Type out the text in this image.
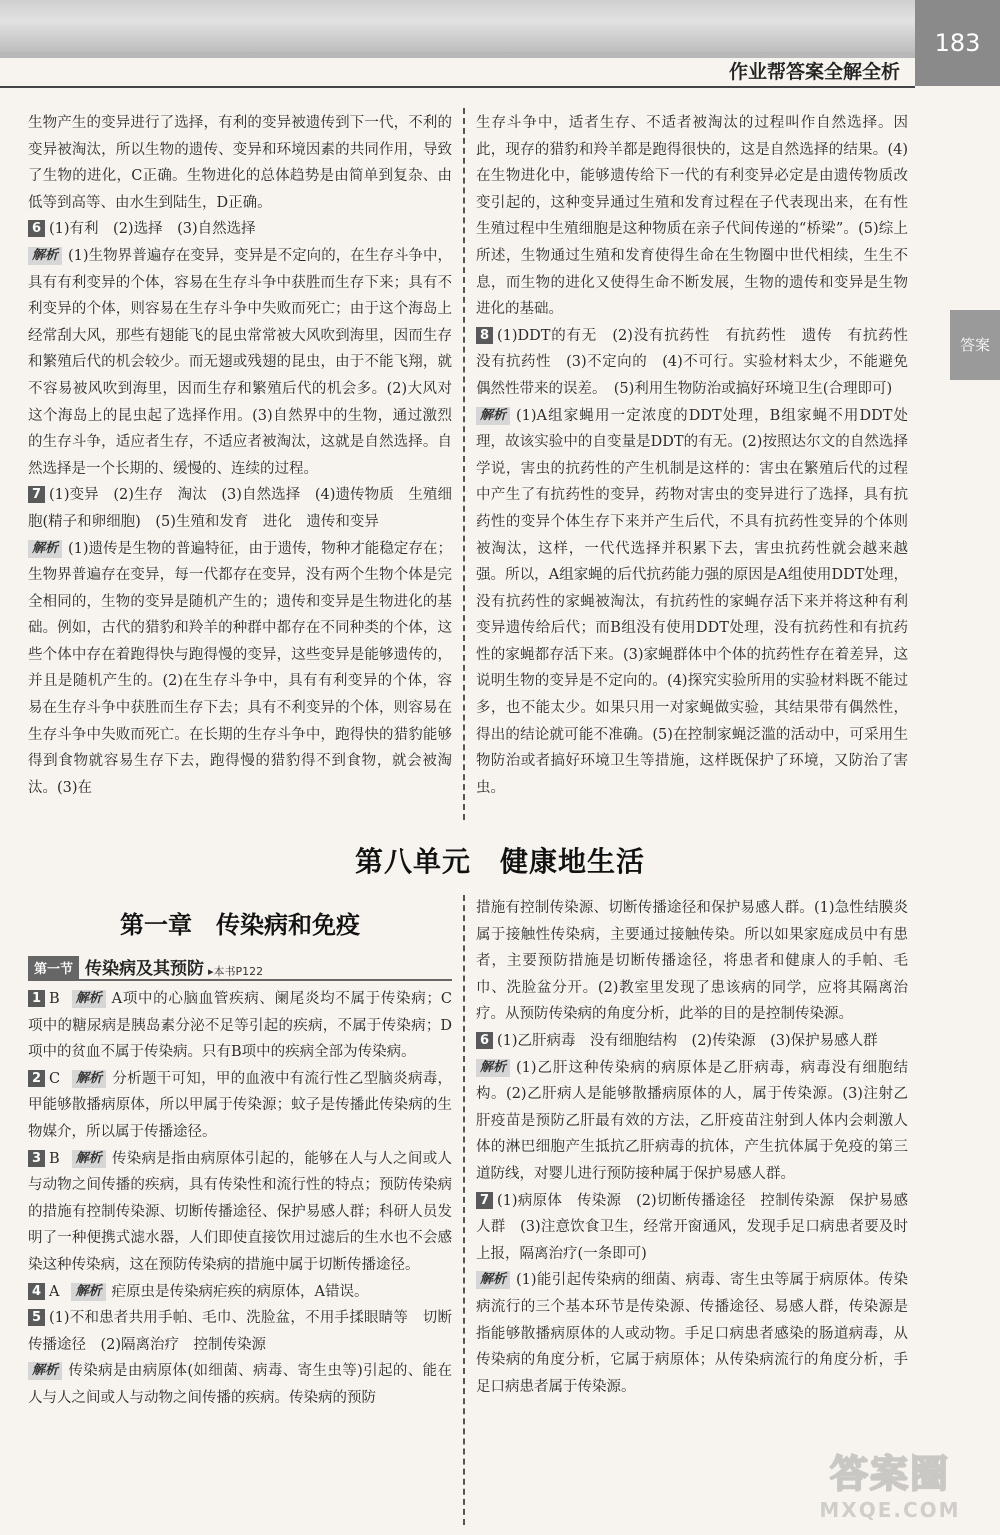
183
作业帮答案全解全析
答案

生物产生的变异进行了选择，有利的变异被遗传到下一代，不利的变异被淘汰，所以生物的遗传、变异和环境因素的共同作用，导致了生物的进化，C正确。生物进化的总体趋势是由简单到复杂、由低等到高等、由水生到陆生，D正确。

6 (1)有利　(2)选择　(3)自然选择

解析 (1)生物界普遍存在变异，变异是不定向的，在生存斗争中，具有有利变异的个体，容易在生存斗争中获胜而生存下来；具有不利变异的个体，则容易在生存斗争中失败而死亡；由于这个海岛上经常刮大风，那些有翅能飞的昆虫常常被大风吹到海里，因而生存和繁殖后代的机会较少。而无翅或残翅的昆虫，由于不能飞翔，就不容易被风吹到海里，因而生存和繁殖后代的机会多。(2)大风对这个海岛上的昆虫起了选择作用。(3)自然界中的生物，通过激烈的生存斗争，适应者生存，不适应者被淘汰，这就是自然选择。自然选择是一个长期的、缓慢的、连续的过程。

7 (1)变异　(2)生存　淘汰　(3)自然选择　(4)遗传物质　生殖细胞(精子和卵细胞)　(5)生殖和发育　进化　遗传和变异

解析 (1)遗传是生物的普遍特征，由于遗传，物种才能稳定存在；生物界普遍存在变异，每一代都存在变异，没有两个生物个体是完全相同的，生物的变异是随机产生的；遗传和变异是生物进化的基础。例如，古代的猎豹和羚羊的种群中都存在不同种类的个体，这些个体中存在着跑得快与跑得慢的变异，这些变异是能够遗传的，并且是随机产生的。(2)在生存斗争中，具有有利变异的个体，容易在生存斗争中获胜而生存下去；具有不利变异的个体，则容易在生存斗争中失败而死亡。在长期的生存斗争中，跑得快的猎豹能够得到食物就容易生存下去，跑得慢的猎豹得不到食物，就会被淘汰。(3)在

生存斗争中，适者生存、不适者被淘汰的过程叫作自然选择。因此，现存的猎豹和羚羊都是跑得很快的，这是自然选择的结果。(4)在生物进化中，能够遗传给下一代的有利变异必定是由遗传物质改变引起的，这种变异通过生殖和发育过程在子代表现出来，在有性生殖过程中生殖细胞是这种物质在亲子代间传递的“桥梁”。(5)综上所述，生物通过生殖和发育使得生命在生物圈中世代相续，生生不息，而生物的进化又使得生命不断发展，生物的遗传和变异是生物进化的基础。

8 (1)DDT的有无　(2)没有抗药性　有抗药性　遗传　有抗药性　没有抗药性　(3)不定向的　(4)不可行。实验材料太少，不能避免偶然性带来的误差。　(5)利用生物防治或搞好环境卫生(合理即可)

解析 (1)A组家蝇用一定浓度的DDT处理，B组家蝇不用DDT处理，故该实验中的自变量是DDT的有无。(2)按照达尔文的自然选择学说，害虫的抗药性的产生机制是这样的：害虫在繁殖后代的过程中产生了有抗药性的变异，药物对害虫的变异进行了选择，具有抗药性的变异个体生存下来并产生后代，不具有抗药性变异的个体则被淘汰，这样，一代代选择并积累下去，害虫抗药性就会越来越强。所以，A组家蝇的后代抗药能力强的原因是A组使用DDT处理，没有抗药性的家蝇被淘汰，有抗药性的家蝇存活下来并将这种有利变异遗传给后代；而B组没有使用DDT处理，没有抗药性和有抗药性的家蝇都存活下来。(3)家蝇群体中个体的抗药性存在着差异，这说明生物的变异是不定向的。(4)探究实验所用的实验材料既不能过多，也不能太少。如果只用一对家蝇做实验，其结果带有偶然性，得出的结论就可能不准确。(5)在控制家蝇泛滥的活动中，可采用生物防治或者搞好环境卫生等措施，这样既保护了环境，又防治了害虫。

第八单元　健康地生活
第一章　传染病和免疫
第一节 传染病及其预防 ▸本书P122

1 B 解析 A项中的心脑血管疾病、阑尾炎均不属于传染病；C项中的糖尿病是胰岛素分泌不足等引起的疾病，不属于传染病；D项中的贫血不属于传染病。只有B项中的疾病全部为传染病。

2 C 解析 分析题干可知，甲的血液中有流行性乙型脑炎病毒，甲能够散播病原体，所以甲属于传染源；蚊子是传播此传染病的生物媒介，所以属于传播途径。

3 B 解析 传染病是指由病原体引起的，能够在人与人之间或人与动物之间传播的疾病，具有传染性和流行性的特点；预防传染病的措施有控制传染源、切断传播途径、保护易感人群；科研人员发明了一种便携式滤水器，人们即使直接饮用过滤后的生水也不会感染这种传染病，这在预防传染病的措施中属于切断传播途径。

4 A 解析 疟原虫是传染病疟疾的病原体，A错误。

5 (1)不和患者共用手帕、毛巾、洗脸盆，不用手揉眼睛等　切断传播途径　(2)隔离治疗　控制传染源

解析 传染病是由病原体(如细菌、病毒、寄生虫等)引起的、能在人与人之间或人与动物之间传播的疾病。传染病的预防

措施有控制传染源、切断传播途径和保护易感人群。(1)急性结膜炎属于接触性传染病，主要通过接触传染。所以如果家庭成员中有患者，主要预防措施是切断传播途径，将患者和健康人的手帕、毛巾、洗脸盆分开。(2)教室里发现了患该病的同学，应将其隔离治疗。从预防传染病的角度分析，此举的目的是控制传染源。

6 (1)乙肝病毒　没有细胞结构　(2)传染源　(3)保护易感人群

解析 (1)乙肝这种传染病的病原体是乙肝病毒，病毒没有细胞结构。(2)乙肝病人是能够散播病原体的人，属于传染源。(3)注射乙肝疫苗是预防乙肝最有效的方法，乙肝疫苗注射到人体内会刺激人体的淋巴细胞产生抵抗乙肝病毒的抗体，产生抗体属于免疫的第三道防线，对婴儿进行预防接种属于保护易感人群。

7 (1)病原体　传染源　(2)切断传播途径　控制传染源　保护易感人群　(3)注意饮食卫生，经常开窗通风，发现手足口病患者要及时上报，隔离治疗(一条即可)

解析 (1)能引起传染病的细菌、病毒、寄生虫等属于病原体。传染病流行的三个基本环节是传染源、传播途径、易感人群，传染源是指能够散播病原体的人或动物。手足口病患者感染的肠道病毒，从传染病的角度分析，它属于病原体；从传染病流行的角度分析，手足口病患者属于传染源。

答案圈
MXQE.COM
